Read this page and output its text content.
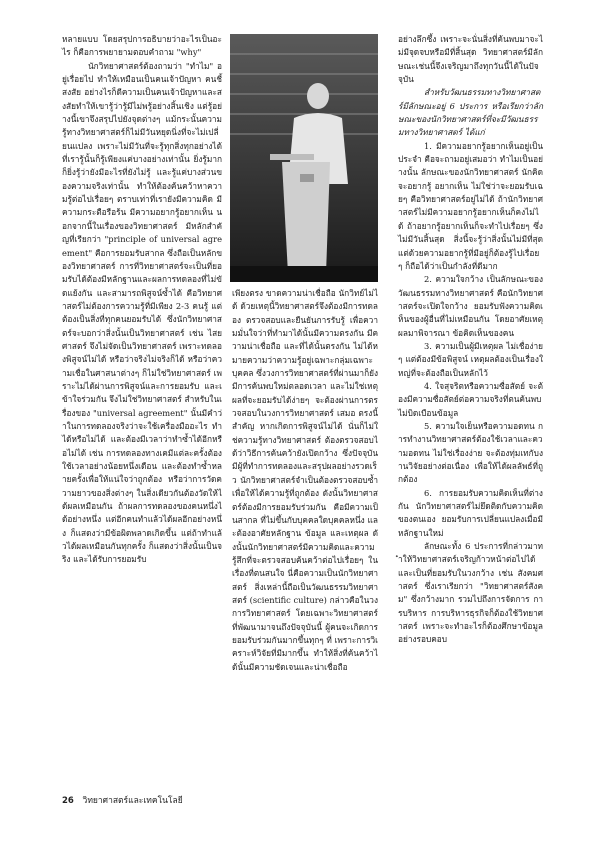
หลายแบบ โดยสรุปการอธิบายว่าอะไรเป็นอะไร ก็คือการพยายามตอบคำถาม "why"

นักวิทยาศาสตร์ต้องถามว่า "ทำไม" อยู่เรื่อยไป ทำให้เหมือนเป็นคนเจ้าปัญหา คนชี้สงสัย อย่างไรก็ดีความเป็นคนเจ้าปัญหาและสงสัยทำให้เขารู้ว่ารู้มีไม่พรู้อย่างสิ้นเชิง แต่รู้อย่างนี้เขาจึงสรุปไปยังจุดต่างๆ แม้กระนั้นความรู้ทางวิทยาศาสตร์ก็ไม่มีวันหยุดนิ่งที่จะไม่เปลี่ยนแปลง เพราะไม่มีวันที่จะรู้ทุกสิ่งทุกอย่างได้ ที่เรารู้นั้นก็รู้เพียงแค่บางอย่างเท่านั้น ยิ่งรู้มากก็ยิ่งรู้ว่ายังมีอะไรที่ยังไม่รู้ และรู้แค่บางส่วนของความจริงเท่านั้น ทำให้ต้องค้นคว้าหาความรู้ต่อไปเรื่อยๆ ตราบเท่าที่เรายังมีความคิด มีความกระตือรือร้น มีความอยากรู้อยากเห็น นอกจากนี้ในเรื่องของวิทยาศาสตร์ มีหลักสำคัญที่เรียกว่า "principle of universal agreement" คือการยอมรับสากล ซึ่งถือเป็นหลักของวิทยาศาสตร์ การที่วิทยาศาสตร์จะเป็นที่ยอมรับได้ต้องมีหลักฐานและผลการทดลองที่ไม่ขัดแย้งกัน และสามารถพิสูจน์ซ้ำได้ คือวิทยาศาสตร์ไม่ต้องการความรู้ที่มีเพียง 2-3 คนรู้ แต่ต้องเป็นสิ่งที่ทุกคนยอมรับได้ ซึ่งนักวิทยาศาสตร์จะบอกว่าสิ่งนั้นเป็นวิทยาศาสตร์ เช่น ไสยศาสตร์ จึงไม่จัดเป็นวิทยาศาสตร์ เพราะทดลองพิสูจน์ไม่ได้ หรือว่าจริงไม่จริงก็ได้ หรือว่าความเชื่อในศาสนาต่างๆ ก็ไม่ใช่วิทยาศาสตร์ เพราะไม่ได้ผ่านการพิสูจน์และการยอมรับ และเข้าใจร่วมกัน จึงไม่ใช่วิทยาศาสตร์ สำหรับในเรื่องของ "universal agreement" นั้นมีคำว่าในการทดลองจริงว่าจะใช้เครื่องมืออะไร ทำได้หรือไม่ได้ และต้องมีเวลาว่าทำซ้ำได้อีกหรือไม่ได้ เช่น การทดลองทางเคมีแต่ละครั้งต้องใช้เวลาอย่างน้อยหนึ่งเดือน และต้องทำซ้ำหลายครั้งเพื่อให้แน่ใจว่าถูกต้อง หรือว่าการวัดความยาวของสิ่งต่างๆ ในสิ่งเดียวกันต้องวัดให้ได้ผลเหมือนกัน ถ้าผลการทดลองของคนหนึ่งได้อย่างหนึ่ง แต่อีกคนทำแล้วได้ผลอีกอย่างหนึ่ง ก็แสดงว่ามีข้อผิดพลาดเกิดขึ้น แต่ถ้าทำแล้วได้ผลเหมือนกันทุกครั้ง ก็แสดงว่าสิ่งนั้นเป็นจริง และได้รับการยอมรับ

เพียงตรง ขาดความน่าเชื่อถือ นักวิทย์ไม่ได้ ด้วยเหตุนี้วิทยาศาสตร์จึงต้องมีการทดลอง ตรวจสอบและยืนยันการรับรู้ เพื่อความมั่นใจว่าที่ทำมาได้นั้นมีความตรงกัน มีความน่าเชื่อถือ และที่ได้นั้นตรงกัน ไม่ได้หมายความว่าความรู้อยู่เฉพาะกลุ่มเฉพาะบุคคล ซึ่งวงการวิทยาศาสตร์ที่ผ่านมาก็ยังมีการค้นพบใหม่ตลอดเวลา และไม่ใช่เหตุผลที่จะยอมรับได้ง่ายๆ จะต้องผ่านการตรวจสอบในวงการวิทยาศาสตร์ เสมอ ตรงนี้สำคัญ หากเกิดการพิสูจน์ไม่ได้ นั่นก็ไม่ใช่ความรู้ทางวิทยาศาสตร์ ต้องตรวจสอบได้ว่าวิธีการค้นคว้ายังเปิดกว้าง ซึ่งปัจจุบันมีผู้ที่ทำการทดลองและสรุปผลอย่างรวดเร็ว นักวิทยาศาสตร์จำเป็นต้องตรวจสอบซ้ำ เพื่อให้ได้ความรู้ที่ถูกต้อง ดังนั้นวิทยาศาสตร์ต้องมีการยอมรับร่วมกัน คือมีความเป็นสากล ที่ไม่ขึ้นกับบุคคลใดบุคคลหนึ่ง และต้องอาศัยหลักฐาน ข้อมูล และเหตุผล ดังนั้นนักวิทยาศาสตร์มีความคิดและความรู้สึกที่จะตรวจสอบค้นคว้าต่อไปเรื่อยๆ ในเรื่องที่ตนสนใจ นี่คือความเป็นนักวิทยาศาสตร์ สิ่งเหล่านี้ถือเป็นวัฒนธรรมวิทยาศาสตร์ (scientific culture) กล่าวคือในวงการวิทยาศาสตร์ โดยเฉพาะวิทยาศาสตร์ที่พัฒนามาจนถึงปัจจุบันนี้ ผู้คนจะเกิดการยอมรับร่วมกันมากขึ้นทุกๆ ที่ เพราะการวิเคราะห์วิจัยที่มีมากขึ้น ทำให้สิ่งที่ค้นคว้าได้นั้นมีความชัดเจนและน่าเชื่อถือ

อย่างลึกซึ้ง เพราะจะนั่นสิ่งที่ค้นพบมาจะไม่มีจุดจบหรือมีที่สิ้นสุด วิทยาศาสตร์มีลักษณะเช่นนี้จึงเจริญมาถึงทุกวันนี้ได้ในปัจจุบัน

สำหรับวัฒนธรรมทางวิทยาศาสตร์มีลักษณะอยู่ 6 ประการ หรือเรียกว่าลักษณะของนักวิทยาศาสตร์ที่จะมีวัฒนธรรมทางวิทยาศาสตร์ ได้แก่

1. มีความอยากรู้อยากเห็นอยู่เป็นประจำ คือจะถามอยู่เสมอว่า ทำไมเป็นอย่างนั้น ลักษณะของนักวิทยาศาสตร์ นักคิดจะอยากรู้ อยากเห็น ไม่ใช่ว่าจะยอมรับเฉยๆ คือวิทยาศาสตร์อยู่ไม่ได้ ถ้านักวิทยาศาสตร์ไม่มีความอยากรู้อยากเห็นก็คงไม่ได้ ถ้าอยากรู้อยากเห็นก็จะทำไปเรื่อยๆ ซึ่งไม่มีวันสิ้นสุด สิ่งนี้จะรู้ว่าสิ่งนั้นไม่มีที่สุด แต่ด้วยความอยากรู้ที่มีอยู่ก็ต้องรู้ไปเรื่อยๆ ก็ถือได้ว่าเป็นกำลังที่ดีมาก

2. ความใจกว้าง เป็นลักษณะของวัฒนธรรมทางวิทยาศาสตร์ คือนักวิทยาศาสตร์จะเปิดใจกว้าง ยอมรับฟังความคิดเห็นของผู้อื่นที่ไม่เหมือนกัน โดยอาศัยเหตุผลมาพิจารณา ข้อคิดเห็นของคน

3. ความเป็นผู้มีเหตุผล ไม่เชื่อง่ายๆ แต่ต้องมีข้อพิสูจน์ เหตุผลต้องเป็นเรื่องใหญ่ที่จะต้องถือเป็นหลักไว้

4. ใจสุจริตหรือความซื่อสัตย์ จะต้องมีความซื่อสัตย์ต่อความจริงที่ตนค้นพบ ไม่บิดเบือนข้อมูล

5. ความใจเย็นหรือความอดทน การทำงานวิทยาศาสตร์ต้องใช้เวลาและความอดทน ไม่ใช่เรื่องง่าย จะต้องทุ่มเทกับงานวิจัยอย่างต่อเนื่อง เพื่อให้ได้ผลลัพธ์ที่ถูกต้อง

6. การยอมรับความคิดเห็นที่ต่างกัน นักวิทยาศาสตร์ไม่ยึดติดกับความคิดของตนเอง ยอมรับการเปลี่ยนแปลงเมื่อมีหลักฐานใหม่

ลักษณะทั้ง 6 ประการที่กล่าวมาทำให้วิทยาศาสตร์เจริญก้าวหน้าต่อไปได้ และเป็นที่ยอมรับในวงกว้าง เช่น สังคมศาสตร์ ซึ่งเราเรียกว่า "วิทยาศาสตร์สังคม" ซึ่งกว้างมาก รวมไปถึงการจัดการ การบริหาร การบริหารธุรกิจก็ต้องใช้วิทยาศาสตร์ เพราะจะทำอะไรก็ต้องศึกษาข้อมูลอย่างรอบคอบ

26 วิทยาศาสตร์และเทคโนโลยี
